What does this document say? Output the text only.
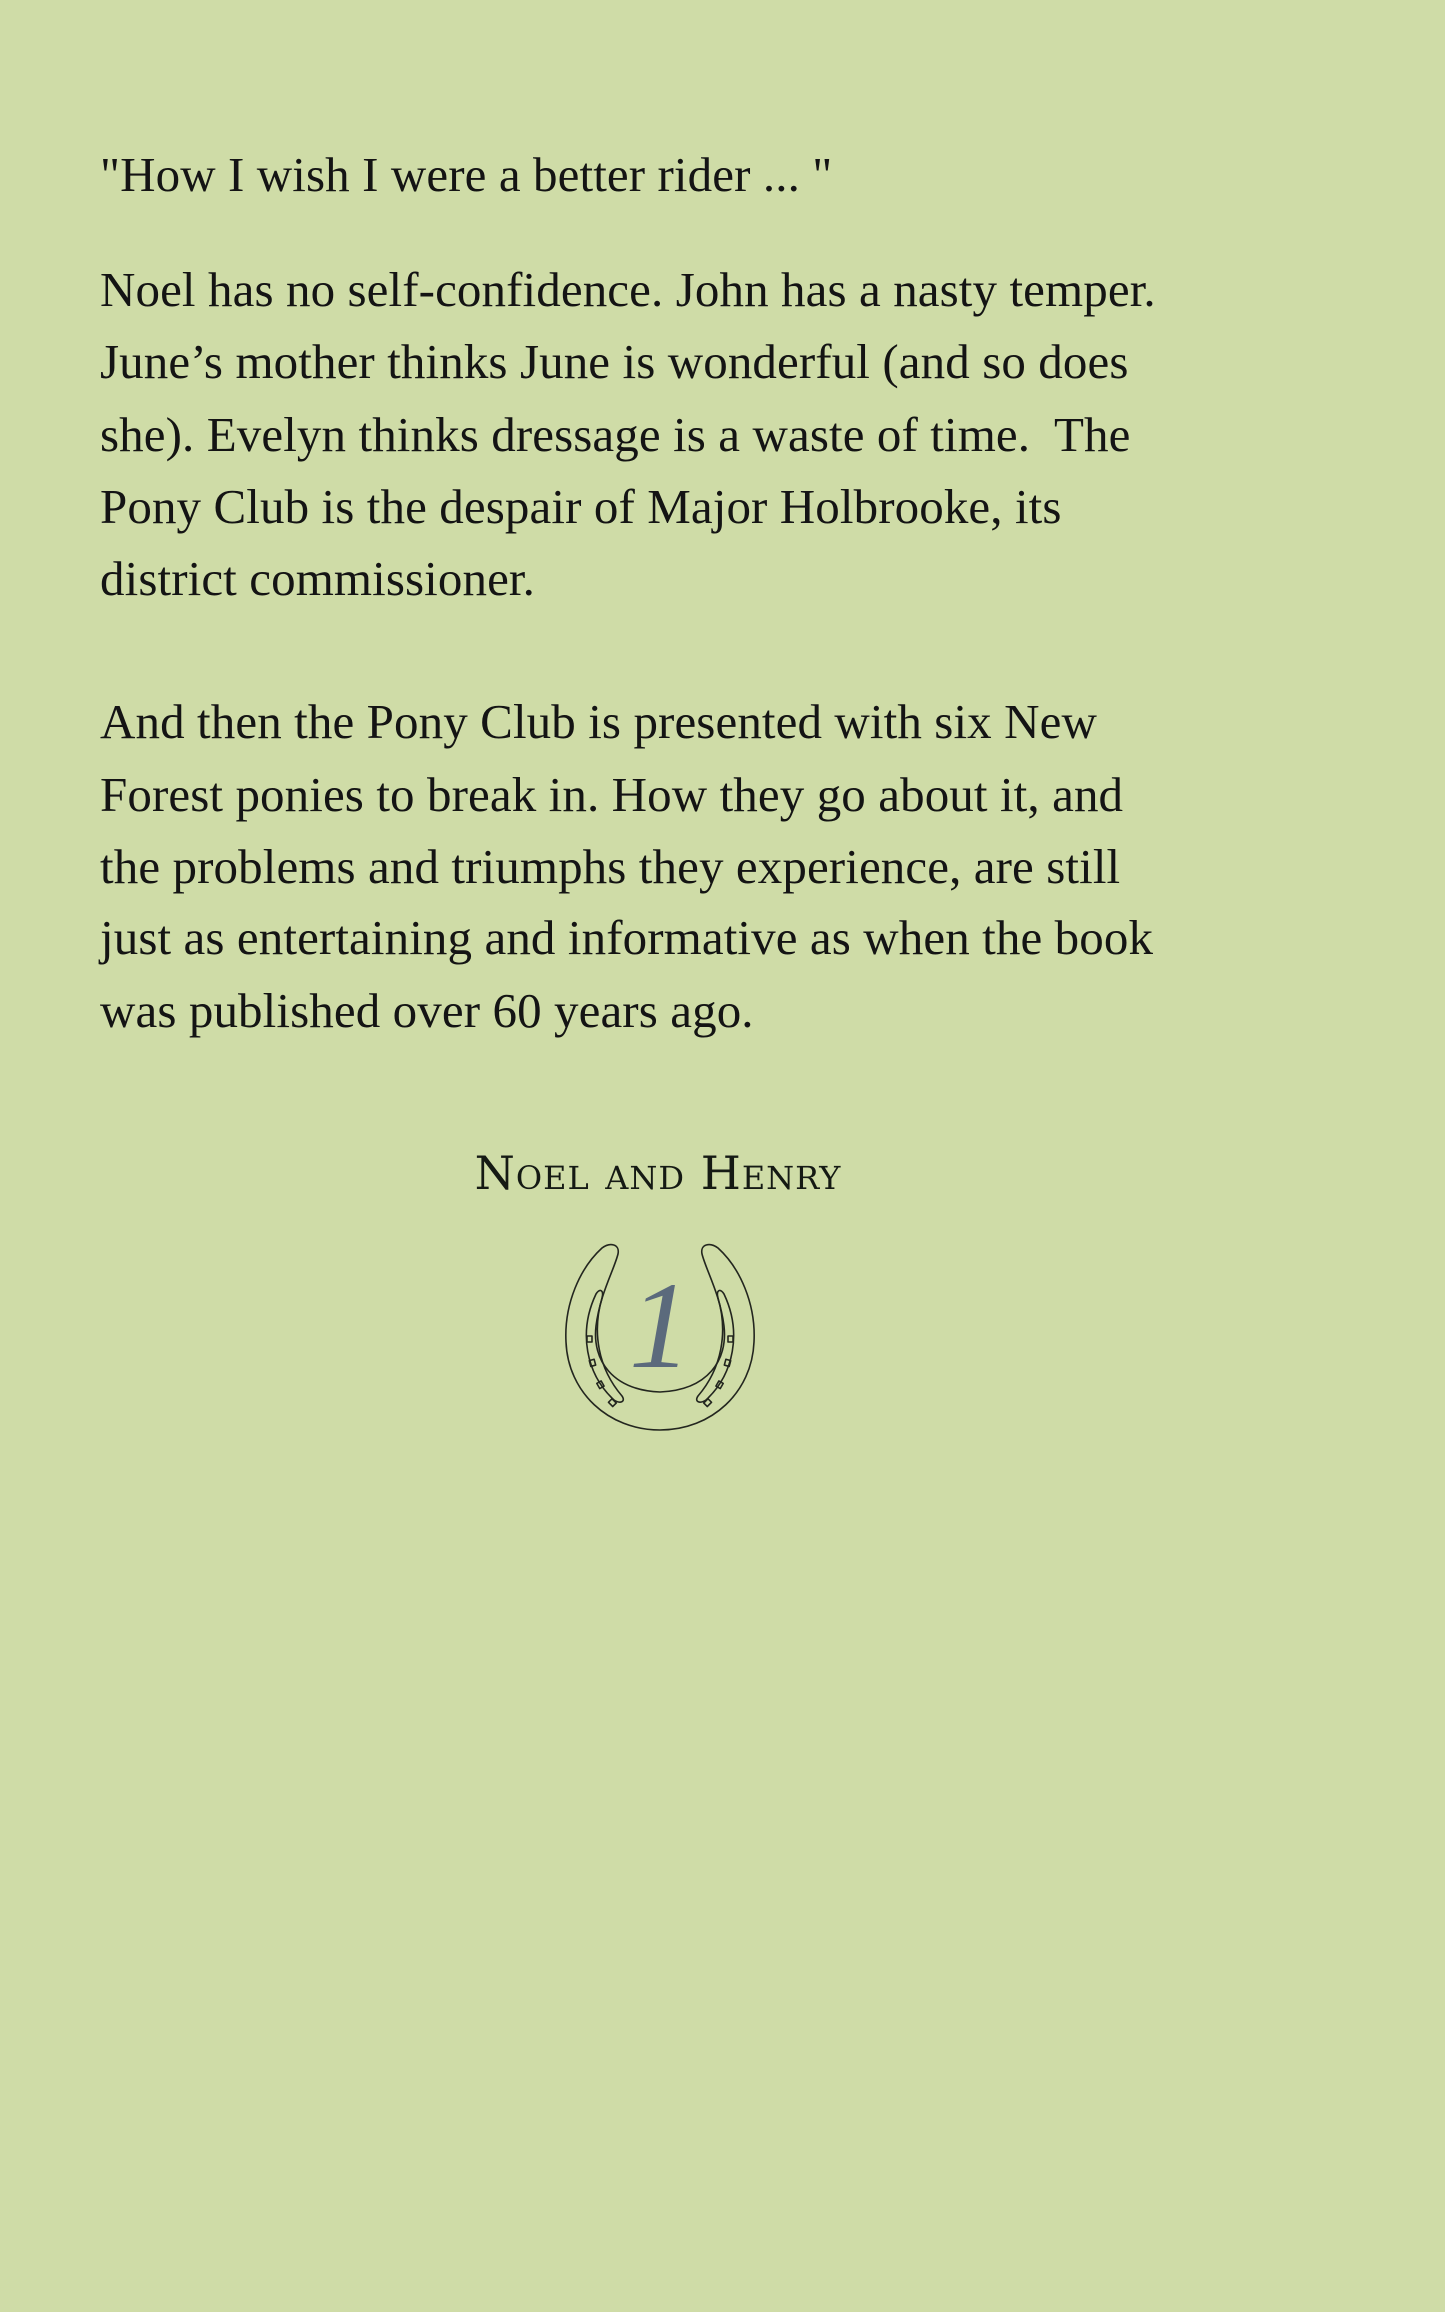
"How I wish I were a better rider ... "
Noel has no self-confidence. John has a nasty temper.
June’s mother thinks June is wonderful (and so does
she). Evelyn thinks dressage is a waste of time.  The
Pony Club is the despair of Major Holbrooke, its
district commissioner.
And then the Pony Club is presented with six New
Forest ponies to break in. How they go about it, and
the problems and triumphs they experience, are still
just as entertaining and informative as when the book
was published over 60 years ago.
Noel and Henry
1
